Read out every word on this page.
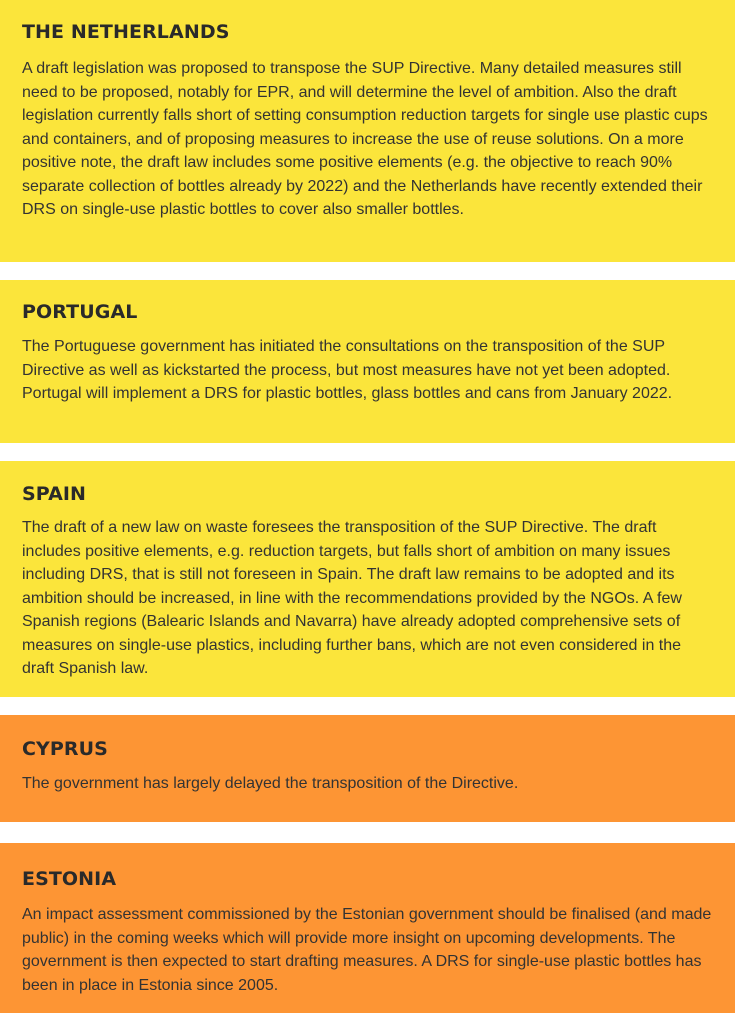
THE NETHERLANDS

A draft legislation was proposed to transpose the SUP Directive. Many detailed measures still need to be proposed, notably for EPR, and will determine the level of ambition. Also the draft legislation currently falls short of setting consumption reduction targets for single use plastic cups and containers, and of proposing measures to increase the use of reuse solutions. On a more positive note, the draft law includes some positive elements (e.g. the objective to reach 90% separate collection of bottles already by 2022) and the Netherlands have recently extended their DRS on single-use plastic bottles to cover also smaller bottles.

PORTUGAL

The Portuguese government has initiated the consultations on the transposition of the SUP Directive as well as kickstarted the process, but most measures have not yet been adopted. Portugal will implement a DRS for plastic bottles, glass bottles and cans from January 2022.

SPAIN

The draft of a new law on waste foresees the transposition of the SUP Directive. The draft includes positive elements, e.g. reduction targets, but falls short of ambition on many issues including DRS, that is still not foreseen in Spain. The draft law remains to be adopted and its ambition should be increased, in line with the recommendations provided by the NGOs. A few Spanish regions (Balearic Islands and Navarra) have already adopted comprehensive sets of measures on single-use plastics, including further bans, which are not even considered in the draft Spanish law.

CYPRUS

The government has largely delayed the transposition of the Directive.

ESTONIA

An impact assessment commissioned by the Estonian government should be finalised (and made public) in the coming weeks which will provide more insight on upcoming developments. The government is then expected to start drafting measures. A DRS for single-use plastic bottles has been in place in Estonia since 2005.
